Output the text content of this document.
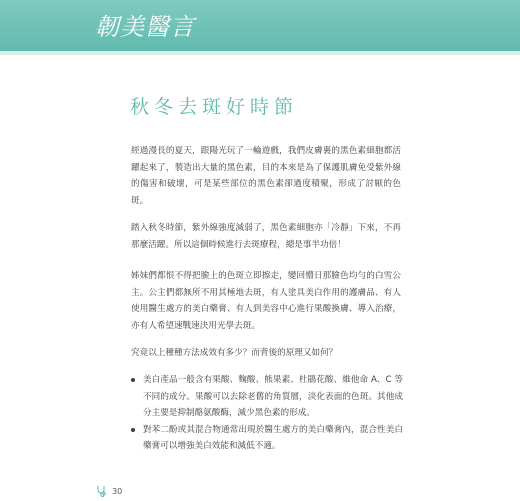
韌美醫言
秋冬去斑好時節

經過漫長的夏天，跟陽光玩了一輪遊戲，我們皮膚裏的黑色素細胞都活躍起來了，製造出大量的黑色素，目的本來是為了保護肌膚免受紫外線的傷害和破壞，可是某些部位的黑色素卻過度積聚，形成了討厭的色斑。

踏入秋冬時節，紫外線強度減弱了，黑色素細胞亦「冷靜」下來，不再那麼活躍。所以這個時候進行去斑療程，總是事半功倍！

姊妹們都恨不得把臉上的色斑立即擦走，變回懵日那臉色均勻的白雪公主。公主們都無所不用其極地去斑，有人塗具美白作用的護膚品、有人使用醫生處方的美白藥膏、有人到美容中心進行果酸換膚、導入治療，亦有人希望速戰速決用光學去斑。

究竟以上種種方法成效有多少？而背後的原理又如何？

美白產品一般含有果酸、麴酸、熊果素、杜鵑花酸、維他命 A、C 等不同的成分。果酸可以去除老舊的角質層，淡化表面的色斑。其他成分主要是抑制酪氨酸酶，減少黑色素的形成。
對苯二酚或其混合物通常出現於醫生處方的美白藥膏內，混合性美白藥膏可以增強美白效能和減低不適。
30
